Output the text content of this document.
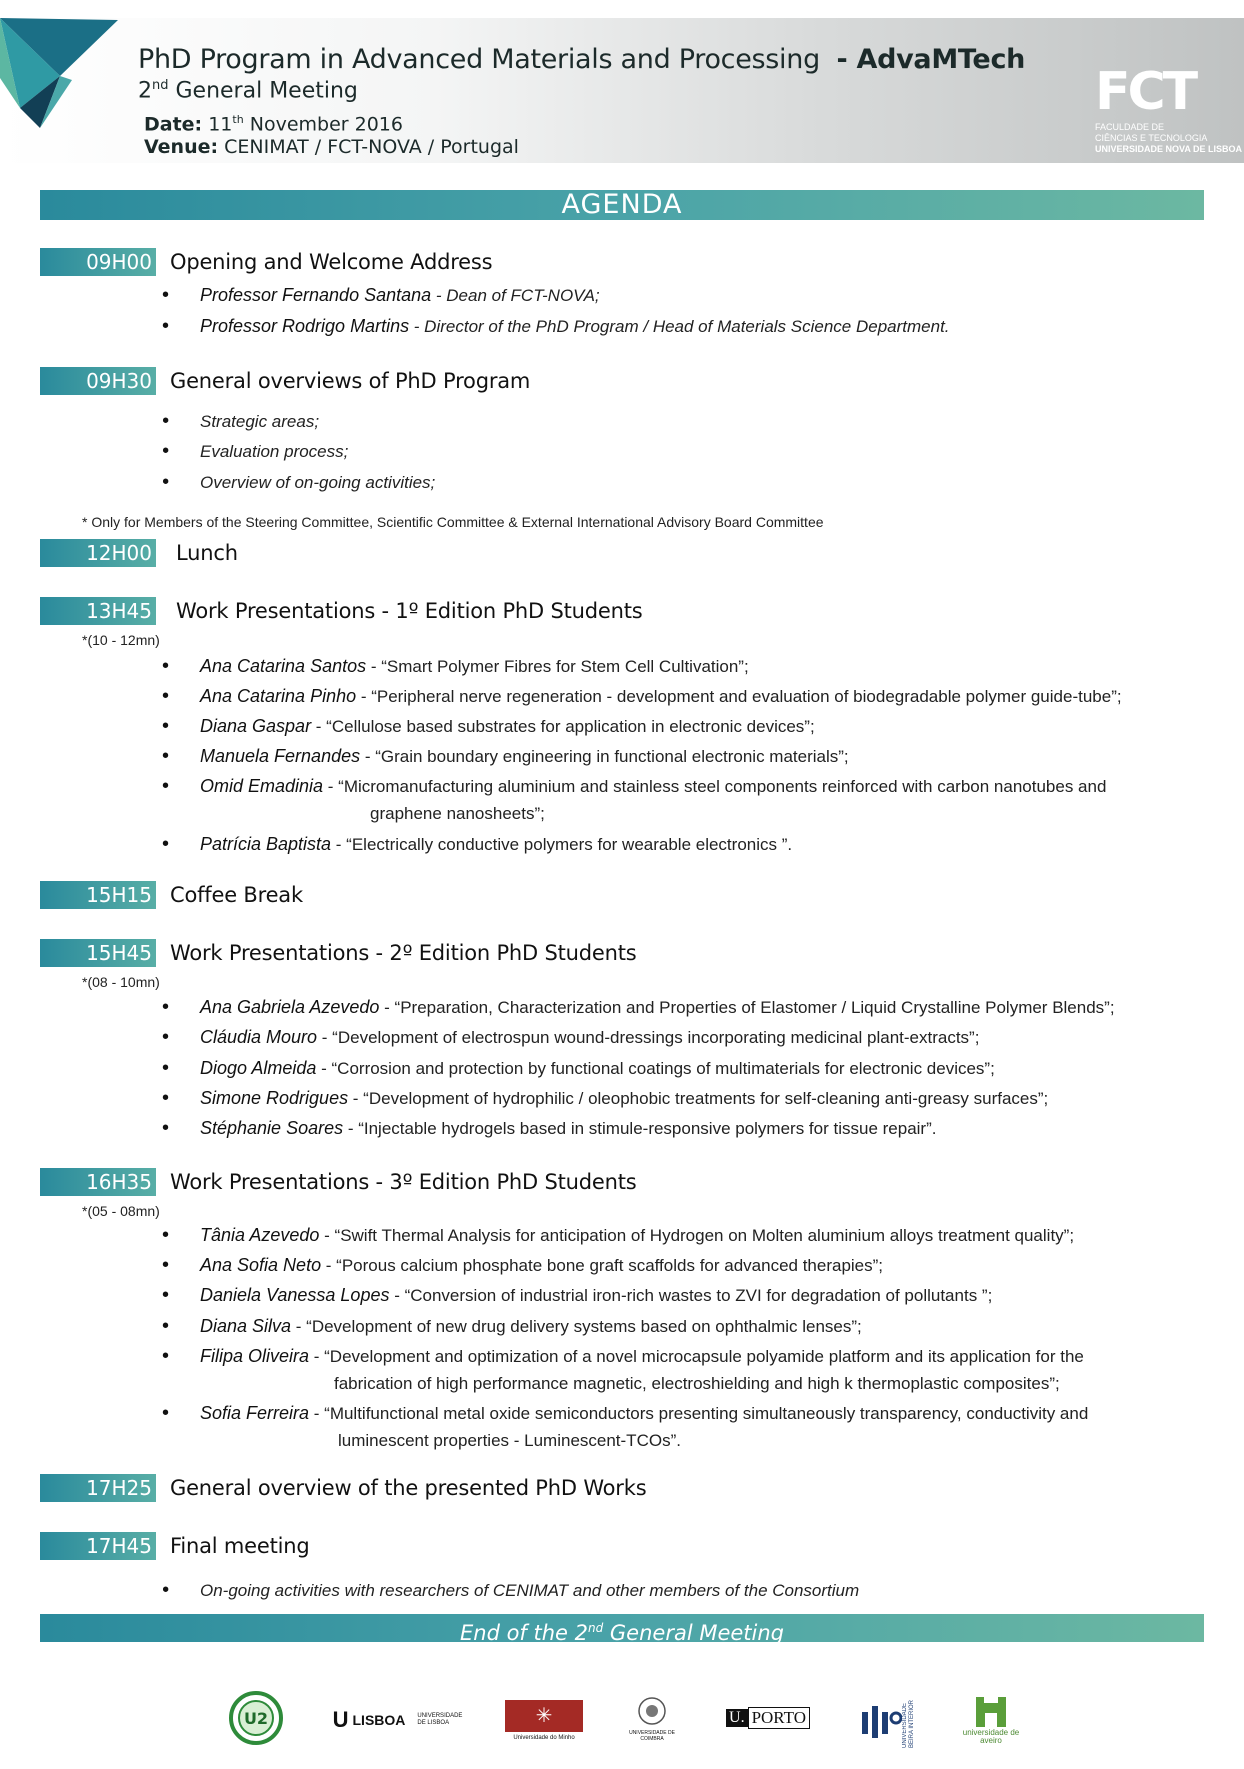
PhD Program in Advanced Materials and Processing - AdvaMTech
2nd General Meeting
Date: 11th November 2016
Venue: CENIMAT / FCT-NOVA / Portugal
FCT
FACULDADE DE
CIÊNCIAS E TECNOLOGIA
UNIVERSIDADE NOVA DE LISBOA
AGENDA
09H00 Opening and Welcome Address
• Professor Fernando Santana - Dean of FCT-NOVA;
• Professor Rodrigo Martins - Director of the PhD Program / Head of Materials Science Department.
09H30 General overviews of PhD Program
• Strategic areas;
• Evaluation process;
• Overview of on-going activities;
* Only for Members of the Steering Committee, Scientific Committee & External International Advisory Board Committee
12H00 Lunch
13H45 Work Presentations - 1º Edition PhD Students
*(10 - 12mn)
• Ana Catarina Santos - “Smart Polymer Fibres for Stem Cell Cultivation”;
• Ana Catarina Pinho - “Peripheral nerve regeneration - development and evaluation of biodegradable polymer guide-tube”;
• Diana Gaspar - “Cellulose based substrates for application in electronic devices”;
• Manuela Fernandes - “Grain boundary engineering in functional electronic materials”;
• Omid Emadinia - “Micromanufacturing aluminium and stainless steel components reinforced with carbon nanotubes and
graphene nanosheets”;
• Patrícia Baptista - “Electrically conductive polymers for wearable electronics ”.
15H15 Coffee Break
15H45 Work Presentations - 2º Edition PhD Students
*(08 - 10mn)
• Ana Gabriela Azevedo - “Preparation, Characterization and Properties of Elastomer / Liquid Crystalline Polymer Blends”;
• Cláudia Mouro - “Development of electrospun wound-dressings incorporating medicinal plant-extracts”;
• Diogo Almeida - “Corrosion and protection by functional coatings of multimaterials for electronic devices”;
• Simone Rodrigues - “Development of hydrophilic / oleophobic treatments for self-cleaning anti-greasy surfaces”;
• Stéphanie Soares - “Injectable hydrogels based in stimule-responsive polymers for tissue repair”.
16H35 Work Presentations - 3º Edition PhD Students
*(05 - 08mn)
• Tânia Azevedo - “Swift Thermal Analysis for anticipation of Hydrogen on Molten aluminium alloys treatment quality”;
• Ana Sofia Neto - “Porous calcium phosphate bone graft scaffolds for advanced therapies”;
• Daniela Vanessa Lopes - “Conversion of industrial iron-rich wastes to ZVI for degradation of pollutants ”;
• Diana Silva - “Development of new drug delivery systems based on ophthalmic lenses”;
• Filipa Oliveira - “Development and optimization of a novel microcapsule polyamide platform and its application for the
fabrication of high performance magnetic, electroshielding and high k thermoplastic composites”;
• Sofia Ferreira - “Multifunctional metal oxide semiconductors presenting simultaneously transparency, conductivity and
luminescent properties - Luminescent-TCOs”.
17H25 General overview of the presented PhD Works
17H45 Final meeting
• On-going activities with researchers of CENIMAT and other members of the Consortium
End of the 2nd General Meeting
U2	U LISBOA UNIVERSIDADE DE LISBOA	✳
Universidade do Minho
UNIVERSIDADE DE COIMBRA
U. PORTO	UNIVERSIDADE BEIRA INTERIOR	universidade de aveiro
